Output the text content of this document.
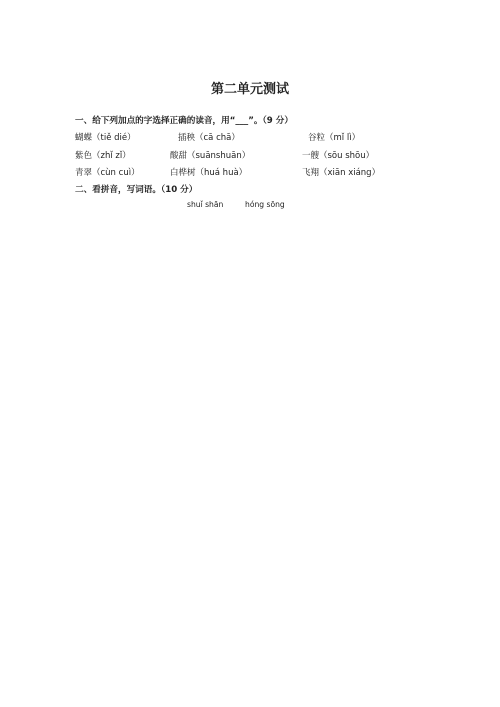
第二单元测试
一、给下列加点的字选择正确的读音，用“___”。（9 分）
蝴蝶（tiě dié）	插秧（cā chā）	谷粒（mǐ lì）
紫色（zhǐ zǐ）	酸甜（suānshuān）	一艘（sōu shōu）
青翠（cùn cuì）	白桦树（huá huà）	飞翔（xiān xiáng）
二、看拼音，写词语。（10 分）
shuǐ shān	hóng sōng
